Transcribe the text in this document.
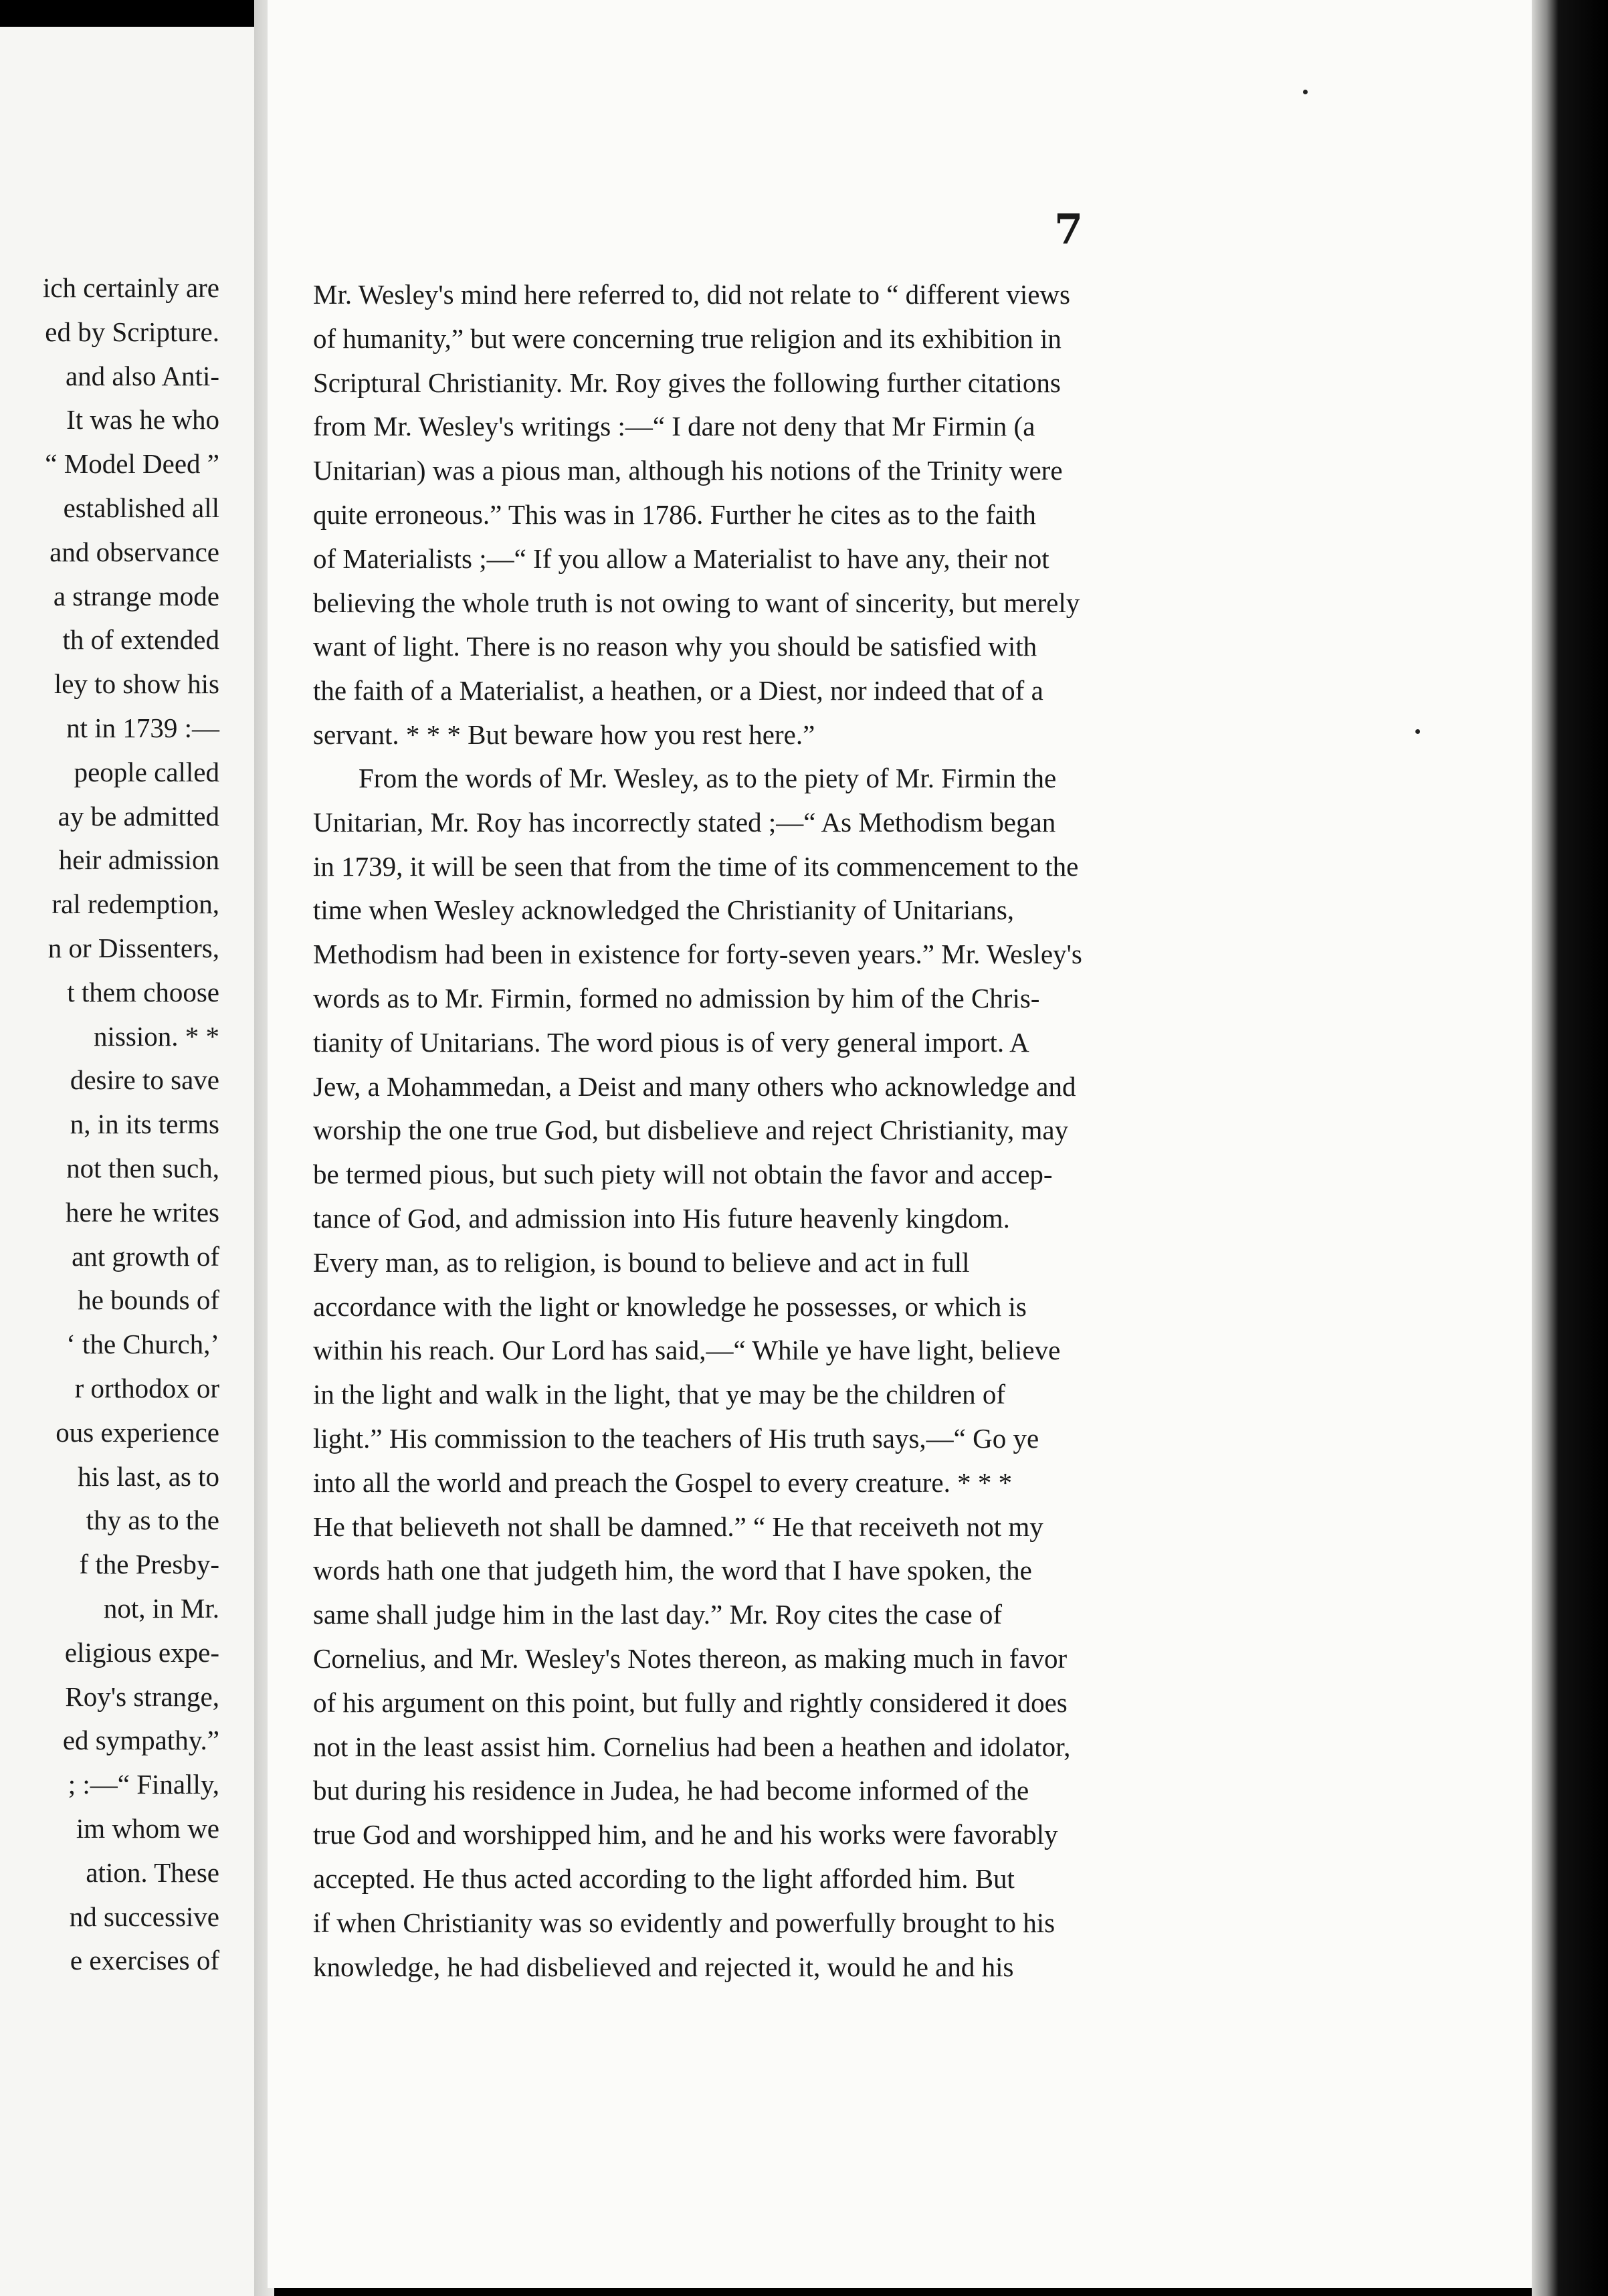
ich certainly are
ed by Scripture.
and also Anti-
It was he who
“ Model Deed ”
established all
and observance
a strange mode
th of extended
ley to show his
nt in 1739 :—
people called
ay be admitted
heir admission
ral redemption,
n or Dissenters,
t them choose
nission. * *
desire to save
n, in its terms
not then such,
here he writes
ant growth of
he bounds of
‘ the Church,’
r orthodox or
ous experience
his last, as to
thy as to the
f the Presby-
not, in Mr.
eligious expe-
Roy's strange,
ed sympathy.”
; :—“ Finally,
im whom we
ation. These
nd successive
e exercises of
7
Mr. Wesley's mind here referred to, did not relate to “ different views
of humanity,” but were concerning true religion and its exhibition in
Scriptural Christianity. Mr. Roy gives the following further citations
from Mr. Wesley's writings :—“ I dare not deny that Mr Firmin (a
Unitarian) was a pious man, although his notions of the Trinity were
quite erroneous.” This was in 1786. Further he cites as to the faith
of Materialists ;—“ If you allow a Materialist to have any, their not
believing the whole truth is not owing to want of sincerity, but merely
want of light. There is no reason why you should be satisfied with
the faith of a Materialist, a heathen, or a Diest, nor indeed that of a
servant. * * * But beware how you rest here.”
From the words of Mr. Wesley, as to the piety of Mr. Firmin the
Unitarian, Mr. Roy has incorrectly stated ;—“ As Methodism began
in 1739, it will be seen that from the time of its commencement to the
time when Wesley acknowledged the Christianity of Unitarians,
Methodism had been in existence for forty-seven years.” Mr. Wesley's
words as to Mr. Firmin, formed no admission by him of the Chris-
tianity of Unitarians. The word pious is of very general import. A
Jew, a Mohammedan, a Deist and many others who acknowledge and
worship the one true God, but disbelieve and reject Christianity, may
be termed pious, but such piety will not obtain the favor and accep-
tance of God, and admission into His future heavenly kingdom.
Every man, as to religion, is bound to believe and act in full
accordance with the light or knowledge he possesses, or which is
within his reach. Our Lord has said,—“ While ye have light, believe
in the light and walk in the light, that ye may be the children of
light.” His commission to the teachers of His truth says,—“ Go ye
into all the world and preach the Gospel to every creature. * * *
He that believeth not shall be damned.” “ He that receiveth not my
words hath one that judgeth him, the word that I have spoken, the
same shall judge him in the last day.” Mr. Roy cites the case of
Cornelius, and Mr. Wesley's Notes thereon, as making much in favor
of his argument on this point, but fully and rightly considered it does
not in the least assist him. Cornelius had been a heathen and idolator,
but during his residence in Judea, he had become informed of the
true God and worshipped him, and he and his works were favorably
accepted. He thus acted according to the light afforded him. But
if when Christianity was so evidently and powerfully brought to his
knowledge, he had disbelieved and rejected it, would he and his
